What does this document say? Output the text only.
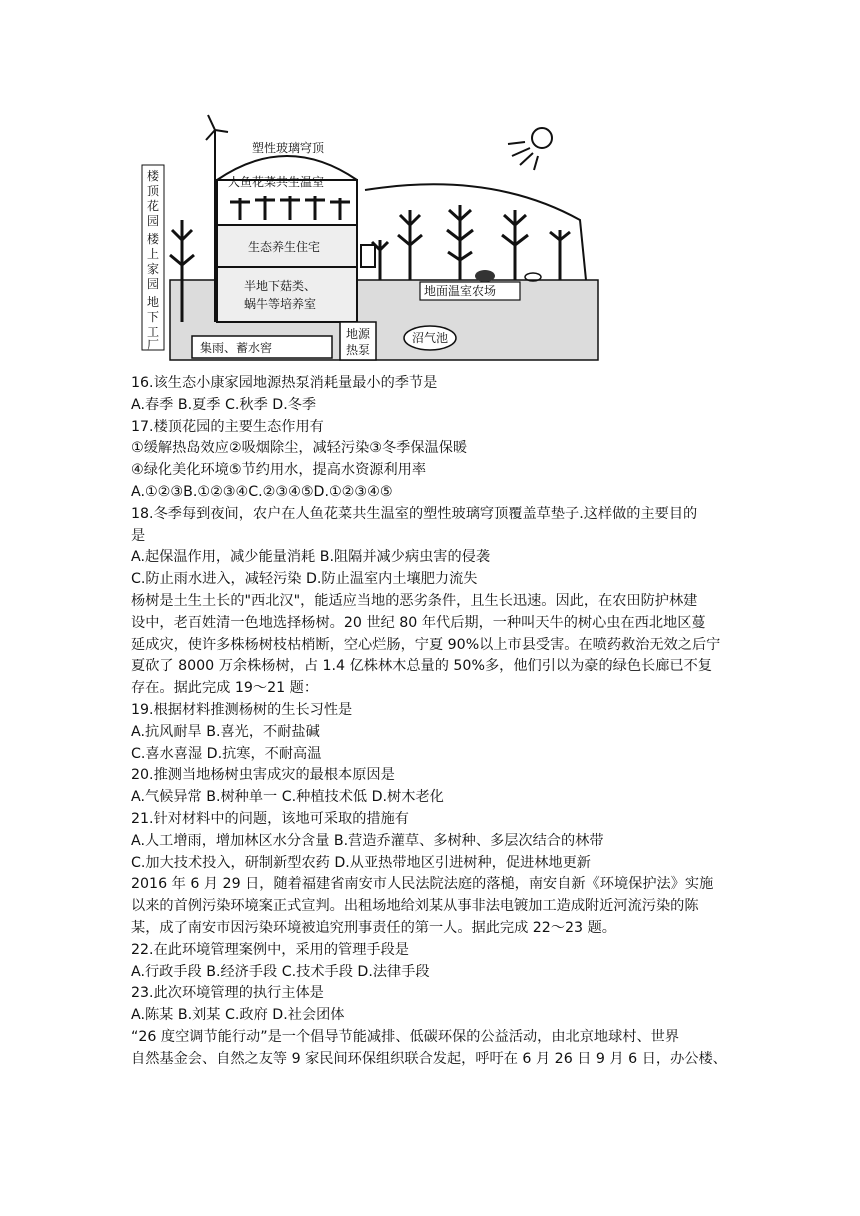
塑性玻璃穹顶
人鱼花菜共生温室
生态养生住宅
半地下菇类、
蜗牛等培养室
地面温室农场
集雨、蓄水窖
地源
热泵
沼气池
楼
顶
花
园
楼
上
家
园
地
下
工
厂
16.该生态小康家园地源热泵消耗量最小的季节是
A.春季 B.夏季 C.秋季 D.冬季
17.楼顶花园的主要生态作用有
①缓解热岛效应②吸烟除尘，减轻污染③冬季保温保暖
④绿化美化环境⑤节约用水，提高水资源利用率
A.①②③B.①②③④C.②③④⑤D.①②③④⑤
18.冬季每到夜间，农户在人鱼花菜共生温室的塑性玻璃穹顶覆盖草垫子.这样做的主要目的
是
A.起保温作用，减少能量消耗 B.阻隔并减少病虫害的侵袭
C.防止雨水进入，减轻污染 D.防止温室内土壤肥力流失
杨树是土生土长的"西北汉"，能适应当地的恶劣条件，且生长迅速。因此，在农田防护林建
设中，老百姓清一色地选择杨树。20 世纪 80 年代后期，一种叫天牛的树心虫在西北地区蔓
延成灾，使许多株杨树枝枯梢断，空心烂肠，宁夏 90%以上市县受害。在喷药救治无效之后宁
夏砍了 8000 万余株杨树，占 1.4 亿株林木总量的 50%多，他们引以为豪的绿色长廊已不复
存在。据此完成 19～21 题：
19.根据材料推测杨树的生长习性是
A.抗风耐旱 B.喜光，不耐盐碱
C.喜水喜湿 D.抗寒，不耐高温
20.推测当地杨树虫害成灾的最根本原因是
A.气候异常 B.树种单一 C.种植技术低 D.树木老化
21.针对材料中的问题，该地可采取的措施有
A.人工增雨，增加林区水分含量 B.营造乔灌草、多树种、多层次结合的林带
C.加大技术投入，研制新型农药 D.从亚热带地区引进树种，促进林地更新
2016 年 6 月 29 日，随着福建省南安市人民法院法庭的落槌，南安自新《环境保护法》实施
以来的首例污染环境案正式宣判。出租场地给刘某从事非法电镀加工造成附近河流污染的陈
某，成了南安市因污染环境被追究刑事责任的第一人。据此完成 22～23 题。
22.在此环境管理案例中，采用的管理手段是
A.行政手段 B.经济手段 C.技术手段 D.法律手段
23.此次环境管理的执行主体是
A.陈某 B.刘某 C.政府 D.社会团体
“26 度空调节能行动”是一个倡导节能减排、低碳环保的公益活动，由北京地球村、世界
自然基金会、自然之友等 9 家民间环保组织联合发起，呼吁在 6 月 26 日 9 月 6 日，办公楼、
